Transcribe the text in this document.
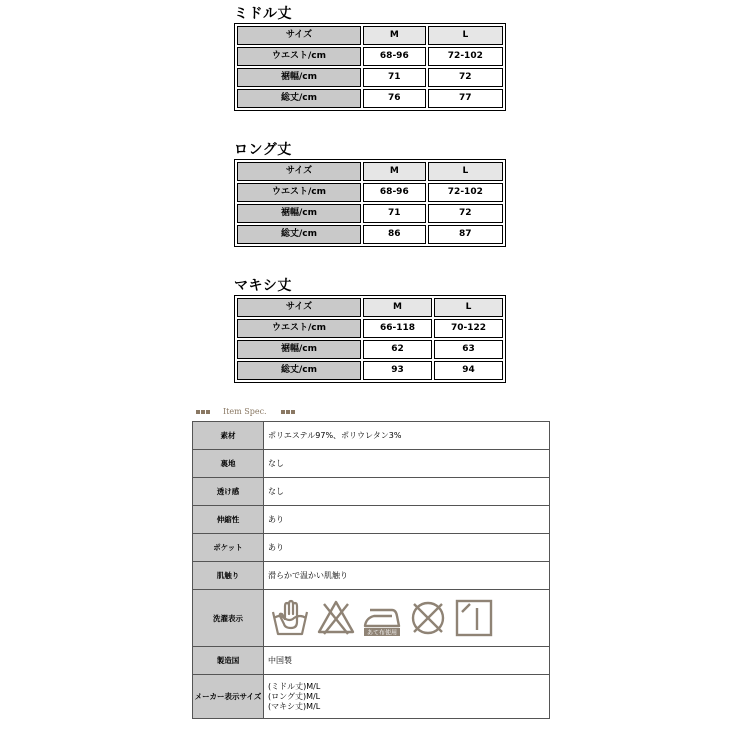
ミドル丈
サイズ	M	L
ウエスト/cm	68-96	72-102
裾幅/cm	71	72
総丈/cm	76	77
ロング丈
サイズ	M	L
ウエスト/cm	68-96	72-102
裾幅/cm	71	72
総丈/cm	86	87
マキシ丈
サイズ	M	L
ウエスト/cm	66-118	70-122
裾幅/cm	62	63
総丈/cm	93	94
Item Spec.
素材	ポリエステル97%、ポリウレタン3%
裏地	なし
透け感	なし
伸縮性	あり
ポケット	あり
肌触り	滑らかで温かい肌触り
洗濯表示	あて布使用

製造国	中国製
メーカー表示サイズ	(ミドル丈)M/L
(ロング丈)M/L
(マキシ丈)M/L
